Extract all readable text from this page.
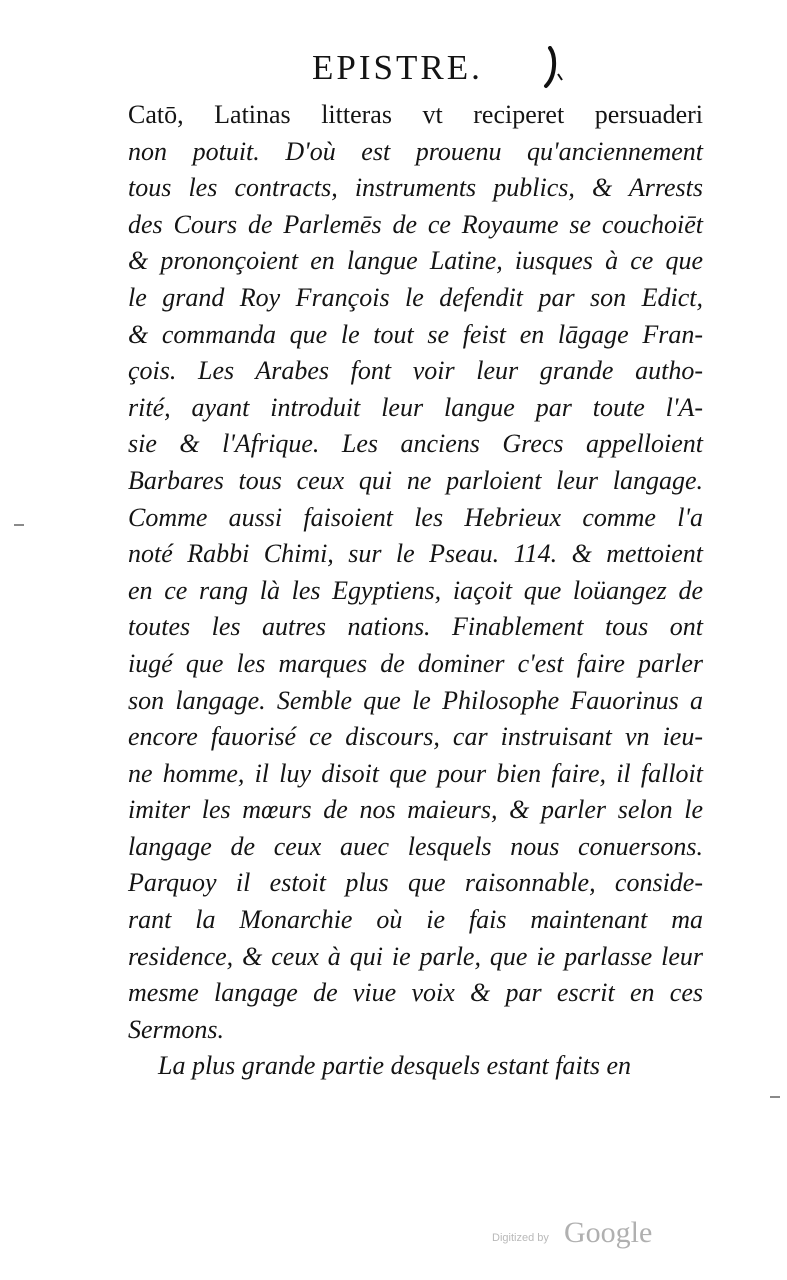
EPISTRE.
Catō, Latinas litteras vt reciperet persuaderi
non potuit. D'où est prouenu qu'anciennement
tous les contracts, instruments publics, & Arrests
des Cours de Parlemēs de ce Royaume se couchoiēt
& prononçoient en langue Latine, iusques à ce que
le grand Roy François le defendit par son Edict,
& commanda que le tout se feist en lāgage Fran-
çois. Les Arabes font voir leur grande autho-
rité, ayant introduit leur langue par toute l'A-
sie & l'Afrique. Les anciens Grecs appelloient
Barbares tous ceux qui ne parloient leur langage.
Comme aussi faisoient les Hebrieux comme l'a
noté Rabbi Chimi, sur le Pseau. 114. & mettoient
en ce rang là les Egyptiens, iaçoit que loüangez de
toutes les autres nations. Finablement tous ont
iugé que les marques de dominer c'est faire parler
son langage. Semble que le Philosophe Fauorinus a
encore fauorisé ce discours, car instruisant vn ieu-
ne homme, il luy disoit que pour bien faire, il falloit
imiter les mœurs de nos maieurs, & parler selon le
langage de ceux auec lesquels nous conuersons.
Parquoy il estoit plus que raisonnable, conside-
rant la Monarchie où ie fais maintenant ma
residence, & ceux à qui ie parle, que ie parlasse leur
mesme langage de viue voix & par escrit en ces
Sermons.
La plus grande partie desquels estant faits en
Digitized by Google
